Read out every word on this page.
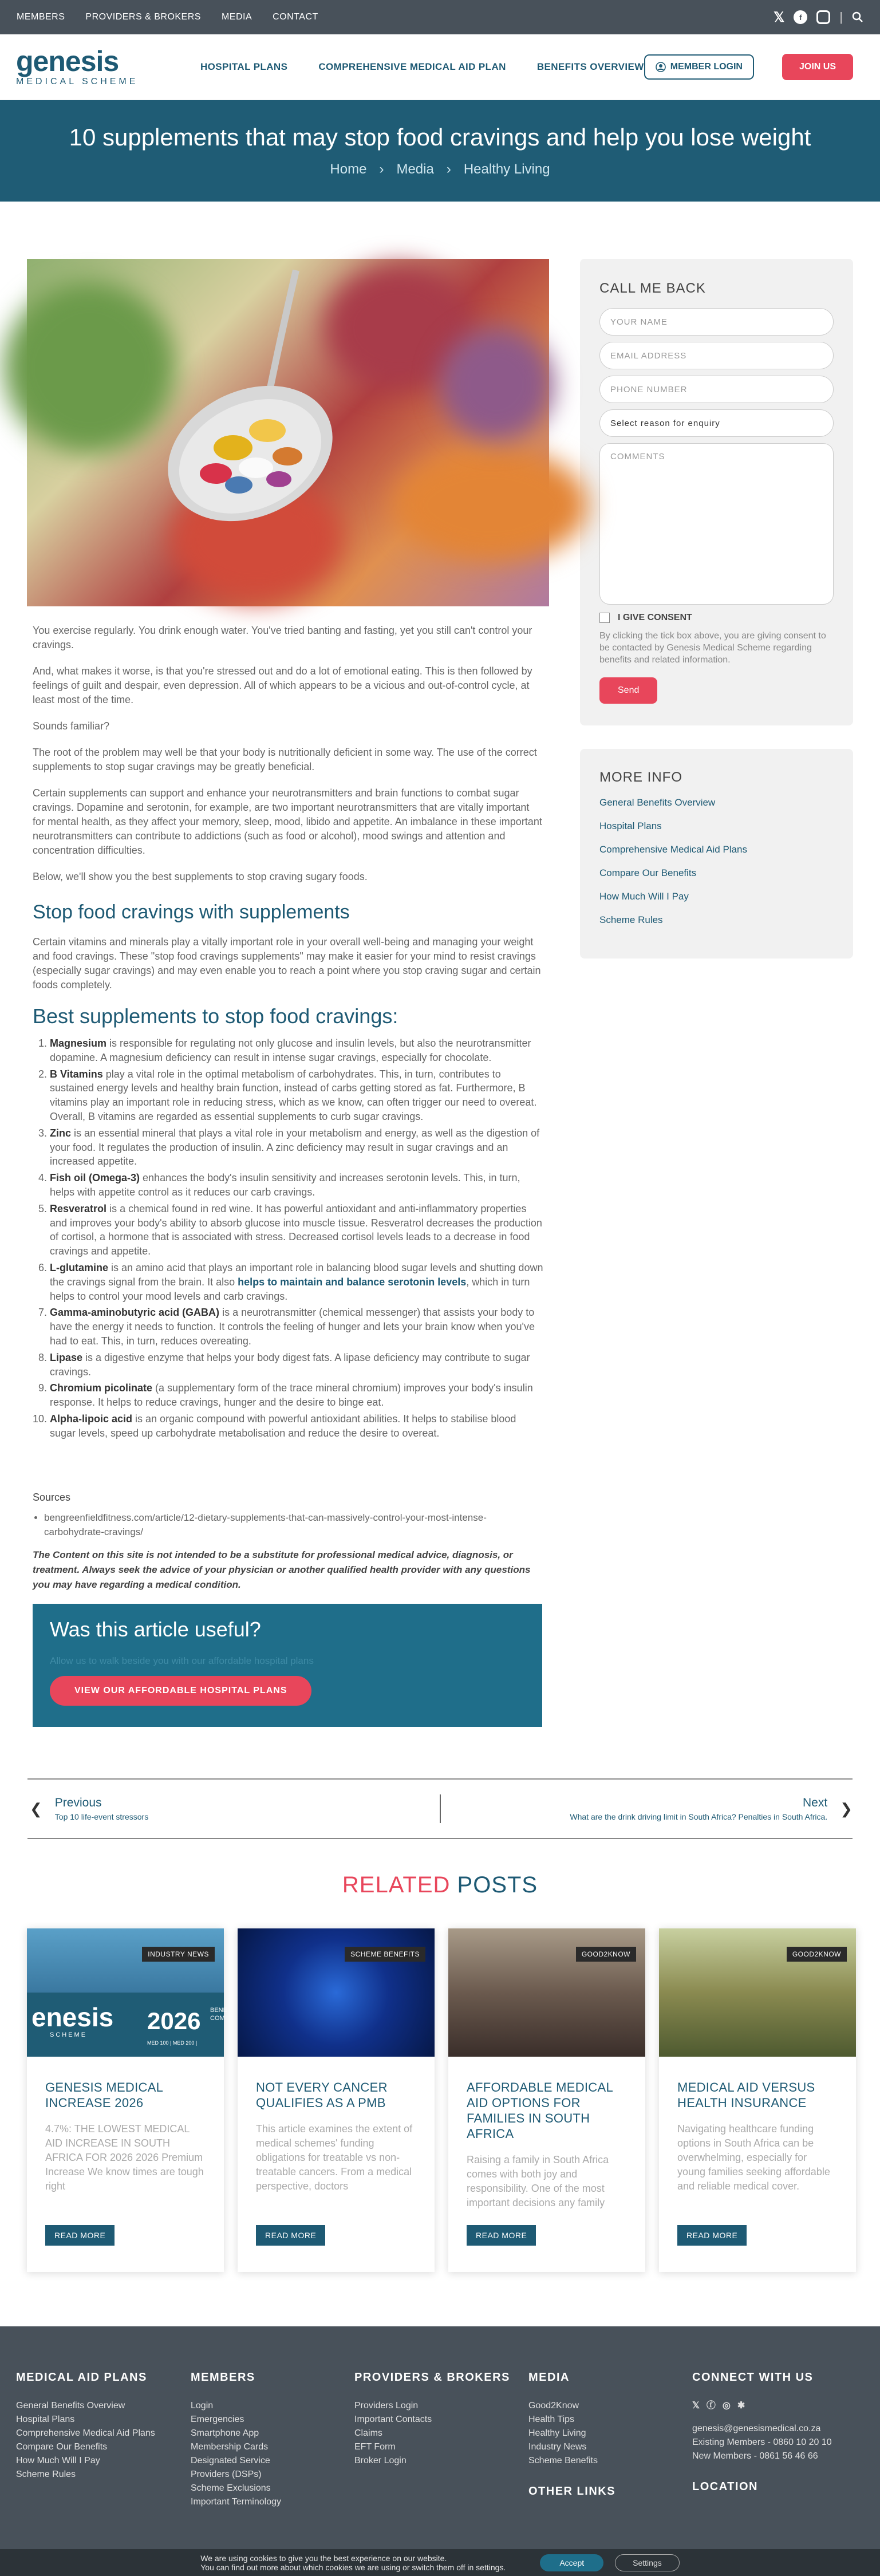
MEMBERS PROVIDERS & BROKERS MEDIA CONTACT	𝕏	f	|
genesis
MEDICAL SCHEME
HOSPITAL PLANS	COMPREHENSIVE MEDICAL AID PLAN	BENEFITS OVERVIEW	MEMBER LOGIN	JOIN US
10 supplements that may stop food cravings and help you lose weight
Home › Media › Healthy Living

You exercise regularly. You drink enough water. You've tried banting and fasting, yet you still can't control your cravings.

And, what makes it worse, is that you're stressed out and do a lot of emotional eating. This is then followed by feelings of guilt and despair, even depression. All of which appears to be a vicious and out-of-control cycle, at least most of the time.

Sounds familiar?

The root of the problem may well be that your body is nutritionally deficient in some way. The use of the correct supplements to stop sugar cravings may be greatly beneficial.

Certain supplements can support and enhance your neurotransmitters and brain functions to combat sugar cravings. Dopamine and serotonin, for example, are two important neurotransmitters that are vitally important for mental health, as they affect your memory, sleep, mood, libido and appetite. An imbalance in these important neurotransmitters can contribute to addictions (such as food or alcohol), mood swings and attention and concentration difficulties.

Below, we'll show you the best supplements to stop craving sugary foods.

Stop food cravings with supplements

Certain vitamins and minerals play a vitally important role in your overall well-being and managing your weight and food cravings. These "stop food cravings supplements" may make it easier for your mind to resist cravings (especially sugar cravings) and may even enable you to reach a point where you stop craving sugar and certain foods completely.

Best supplements to stop food cravings:
1. Magnesium is responsible for regulating not only glucose and insulin levels, but also the neurotransmitter dopamine. A magnesium deficiency can result in intense sugar cravings, especially for chocolate.
2. B Vitamins play a vital role in the optimal metabolism of carbohydrates. This, in turn, contributes to sustained energy levels and healthy brain function, instead of carbs getting stored as fat. Furthermore, B vitamins play an important role in reducing stress, which as we know, can often trigger our need to overeat. Overall, B vitamins are regarded as essential supplements to curb sugar cravings.
3. Zinc is an essential mineral that plays a vital role in your metabolism and energy, as well as the digestion of your food. It regulates the production of insulin. A zinc deficiency may result in sugar cravings and an increased appetite.
4. Fish oil (Omega-3) enhances the body's insulin sensitivity and increases serotonin levels. This, in turn, helps with appetite control as it reduces our carb cravings.
5. Resveratrol is a chemical found in red wine. It has powerful antioxidant and anti-inflammatory properties and improves your body's ability to absorb glucose into muscle tissue. Resveratrol decreases the production of cortisol, a hormone that is associated with stress. Decreased cortisol levels leads to a decrease in food cravings and appetite.
6. L-glutamine is an amino acid that plays an important role in balancing blood sugar levels and shutting down the cravings signal from the brain. It also helps to maintain and balance serotonin levels, which in turn helps to control your mood levels and carb cravings.
7. Gamma-aminobutyric acid (GABA) is a neurotransmitter (chemical messenger) that assists your body to have the energy it needs to function. It controls the feeling of hunger and lets your brain know when you've had to eat. This, in turn, reduces overeating.
8. Lipase is a digestive enzyme that helps your body digest fats. A lipase deficiency may contribute to sugar cravings.
9. Chromium picolinate (a supplementary form of the trace mineral chromium) improves your body's insulin response. It helps to reduce cravings, hunger and the desire to binge eat.
10. Alpha-lipoic acid is an organic compound with powerful antioxidant abilities. It helps to stabilise blood sugar levels, speed up carbohydrate metabolisation and reduce the desire to overeat.
Sources
• bengreenfieldfitness.com/article/12-dietary-supplements-that-can-massively-control-your-most-intense-carbohydrate-cravings/

The Content on this site is not intended to be a substitute for professional medical advice, diagnosis, or treatment. Always seek the advice of your physician or another qualified health provider with any questions you may have regarding a medical condition.

Was this article useful?

Allow us to walk beside you with our affordable hospital plans

VIEW OUR AFFORDABLE HOSPITAL PLANS
CALL ME BACK
YOUR NAME
EMAIL ADDRESS
PHONE NUMBER
Select reason for enquiry
COMMENTS
I GIVE CONSENT

By clicking the tick box above, you are giving consent to be contacted by Genesis Medical Scheme regarding benefits and related information.

Send
MORE INFO
General Benefits Overview
Hospital Plans
Comprehensive Medical Aid Plans
Compare Our Benefits
How Much Will I Pay
Scheme Rules
❮ Previous
Top 10 life-event stressors
Next
What are the drink driving limit in South Africa? Penalties in South Africa. ❯
RELATED POSTS
enesis
SCHEME
2026 BENE
COM
MED 100 | MED 200 |
INDUSTRY NEWS
GENESIS MEDICAL INCREASE 2026

4.7%: THE LOWEST MEDICAL AID INCREASE IN SOUTH AFRICA FOR 2026 2026 Premium Increase We know times are tough right

READ MORE
SCHEME BENEFITS
NOT EVERY CANCER QUALIFIES AS A PMB

This article examines the extent of medical schemes' funding obligations for treatable vs non-treatable cancers. From a medical perspective, doctors

READ MORE
GOOD2KNOW
AFFORDABLE MEDICAL AID OPTIONS FOR FAMILIES IN SOUTH AFRICA

Raising a family in South Africa comes with both joy and responsibility. One of the most important decisions any family

READ MORE
GOOD2KNOW
MEDICAL AID VERSUS HEALTH INSURANCE

Navigating healthcare funding options in South Africa can be overwhelming, especially for young families seeking affordable and reliable medical cover.

READ MORE
MEDICAL AID PLANS
General Benefits Overview
Hospital Plans
Comprehensive Medical Aid Plans
Compare Our Benefits
How Much Will I Pay
Scheme Rules
MEMBERS
Login
Emergencies
Smartphone App
Membership Cards
Designated Service Providers (DSPs)
Scheme Exclusions
Important Terminology
PROVIDERS & BROKERS
Providers Login
Important Contacts
Claims
EFT Form
Broker Login
MEDIA
Good2Know
Health Tips
Healthy Living
Industry News
Scheme Benefits
OTHER LINKS
CONNECT WITH US
𝕏 ⓕ ◎ ✱
genesis@genesismedical.co.za
Existing Members - 0860 10 20 10
New Members - 0861 56 46 66
LOCATION
We are using cookies to give you the best experience on our website.
You can find out more about which cookies we are using or switch them off in settings.	Accept	Settings
